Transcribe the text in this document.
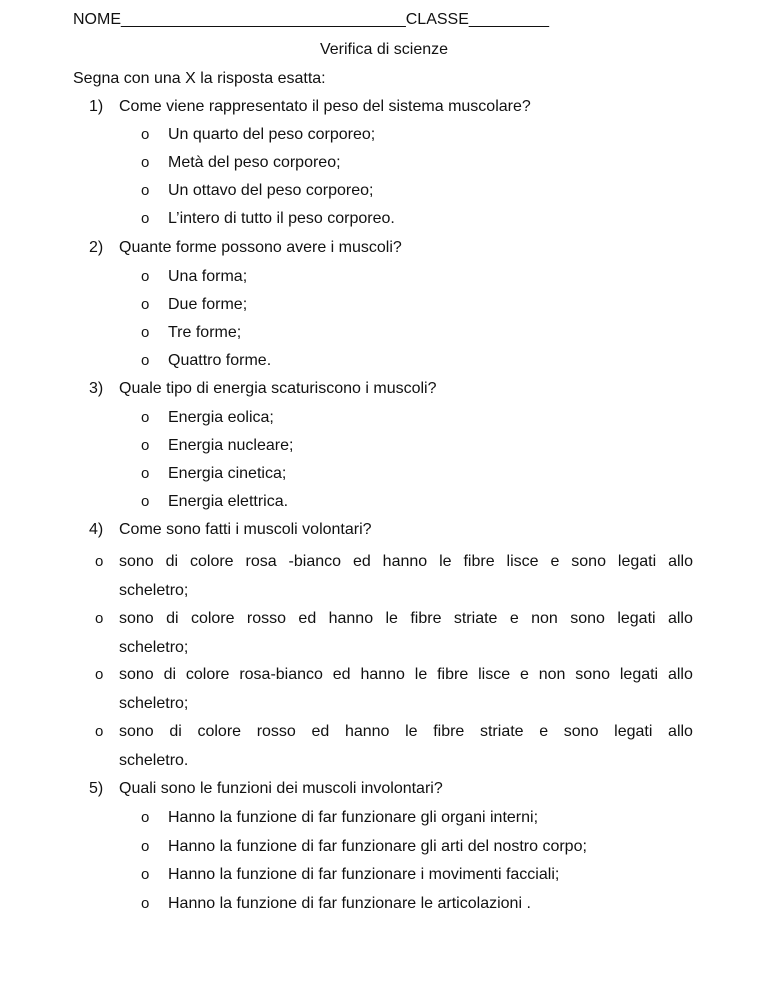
NOME________________________________CLASSE_________
Verifica di scienze
Segna con una X la risposta esatta:
1) Come viene rappresentato il peso del sistema muscolare?
o Un quarto del peso corporeo;
o Metà del peso corporeo;
o Un ottavo del peso corporeo;
o L’intero di tutto il peso corporeo.
2) Quante forme possono avere i muscoli?
o Una forma;
o Due forme;
o Tre forme;
o Quattro forme.
3) Quale tipo di energia scaturiscono i muscoli?
o Energia eolica;
o Energia nucleare;
o Energia cinetica;
o Energia elettrica.
4) Come sono fatti i muscoli volontari?
o sono di colore rosa -bianco ed hanno le fibre lisce e sono legati allo
scheletro;
o sono di colore rosso ed hanno le fibre striate e non sono legati allo
scheletro;
o sono di colore rosa-bianco ed hanno le fibre lisce e non sono legati allo
scheletro;
o sono di colore rosso ed hanno le fibre striate e sono legati allo
scheletro.
5) Quali sono le funzioni dei muscoli involontari?
o Hanno la funzione di far funzionare gli organi interni;
o Hanno la funzione di far funzionare gli arti del nostro corpo;
o Hanno la funzione di far funzionare i movimenti facciali;
o Hanno la funzione di far funzionare le articolazioni .
